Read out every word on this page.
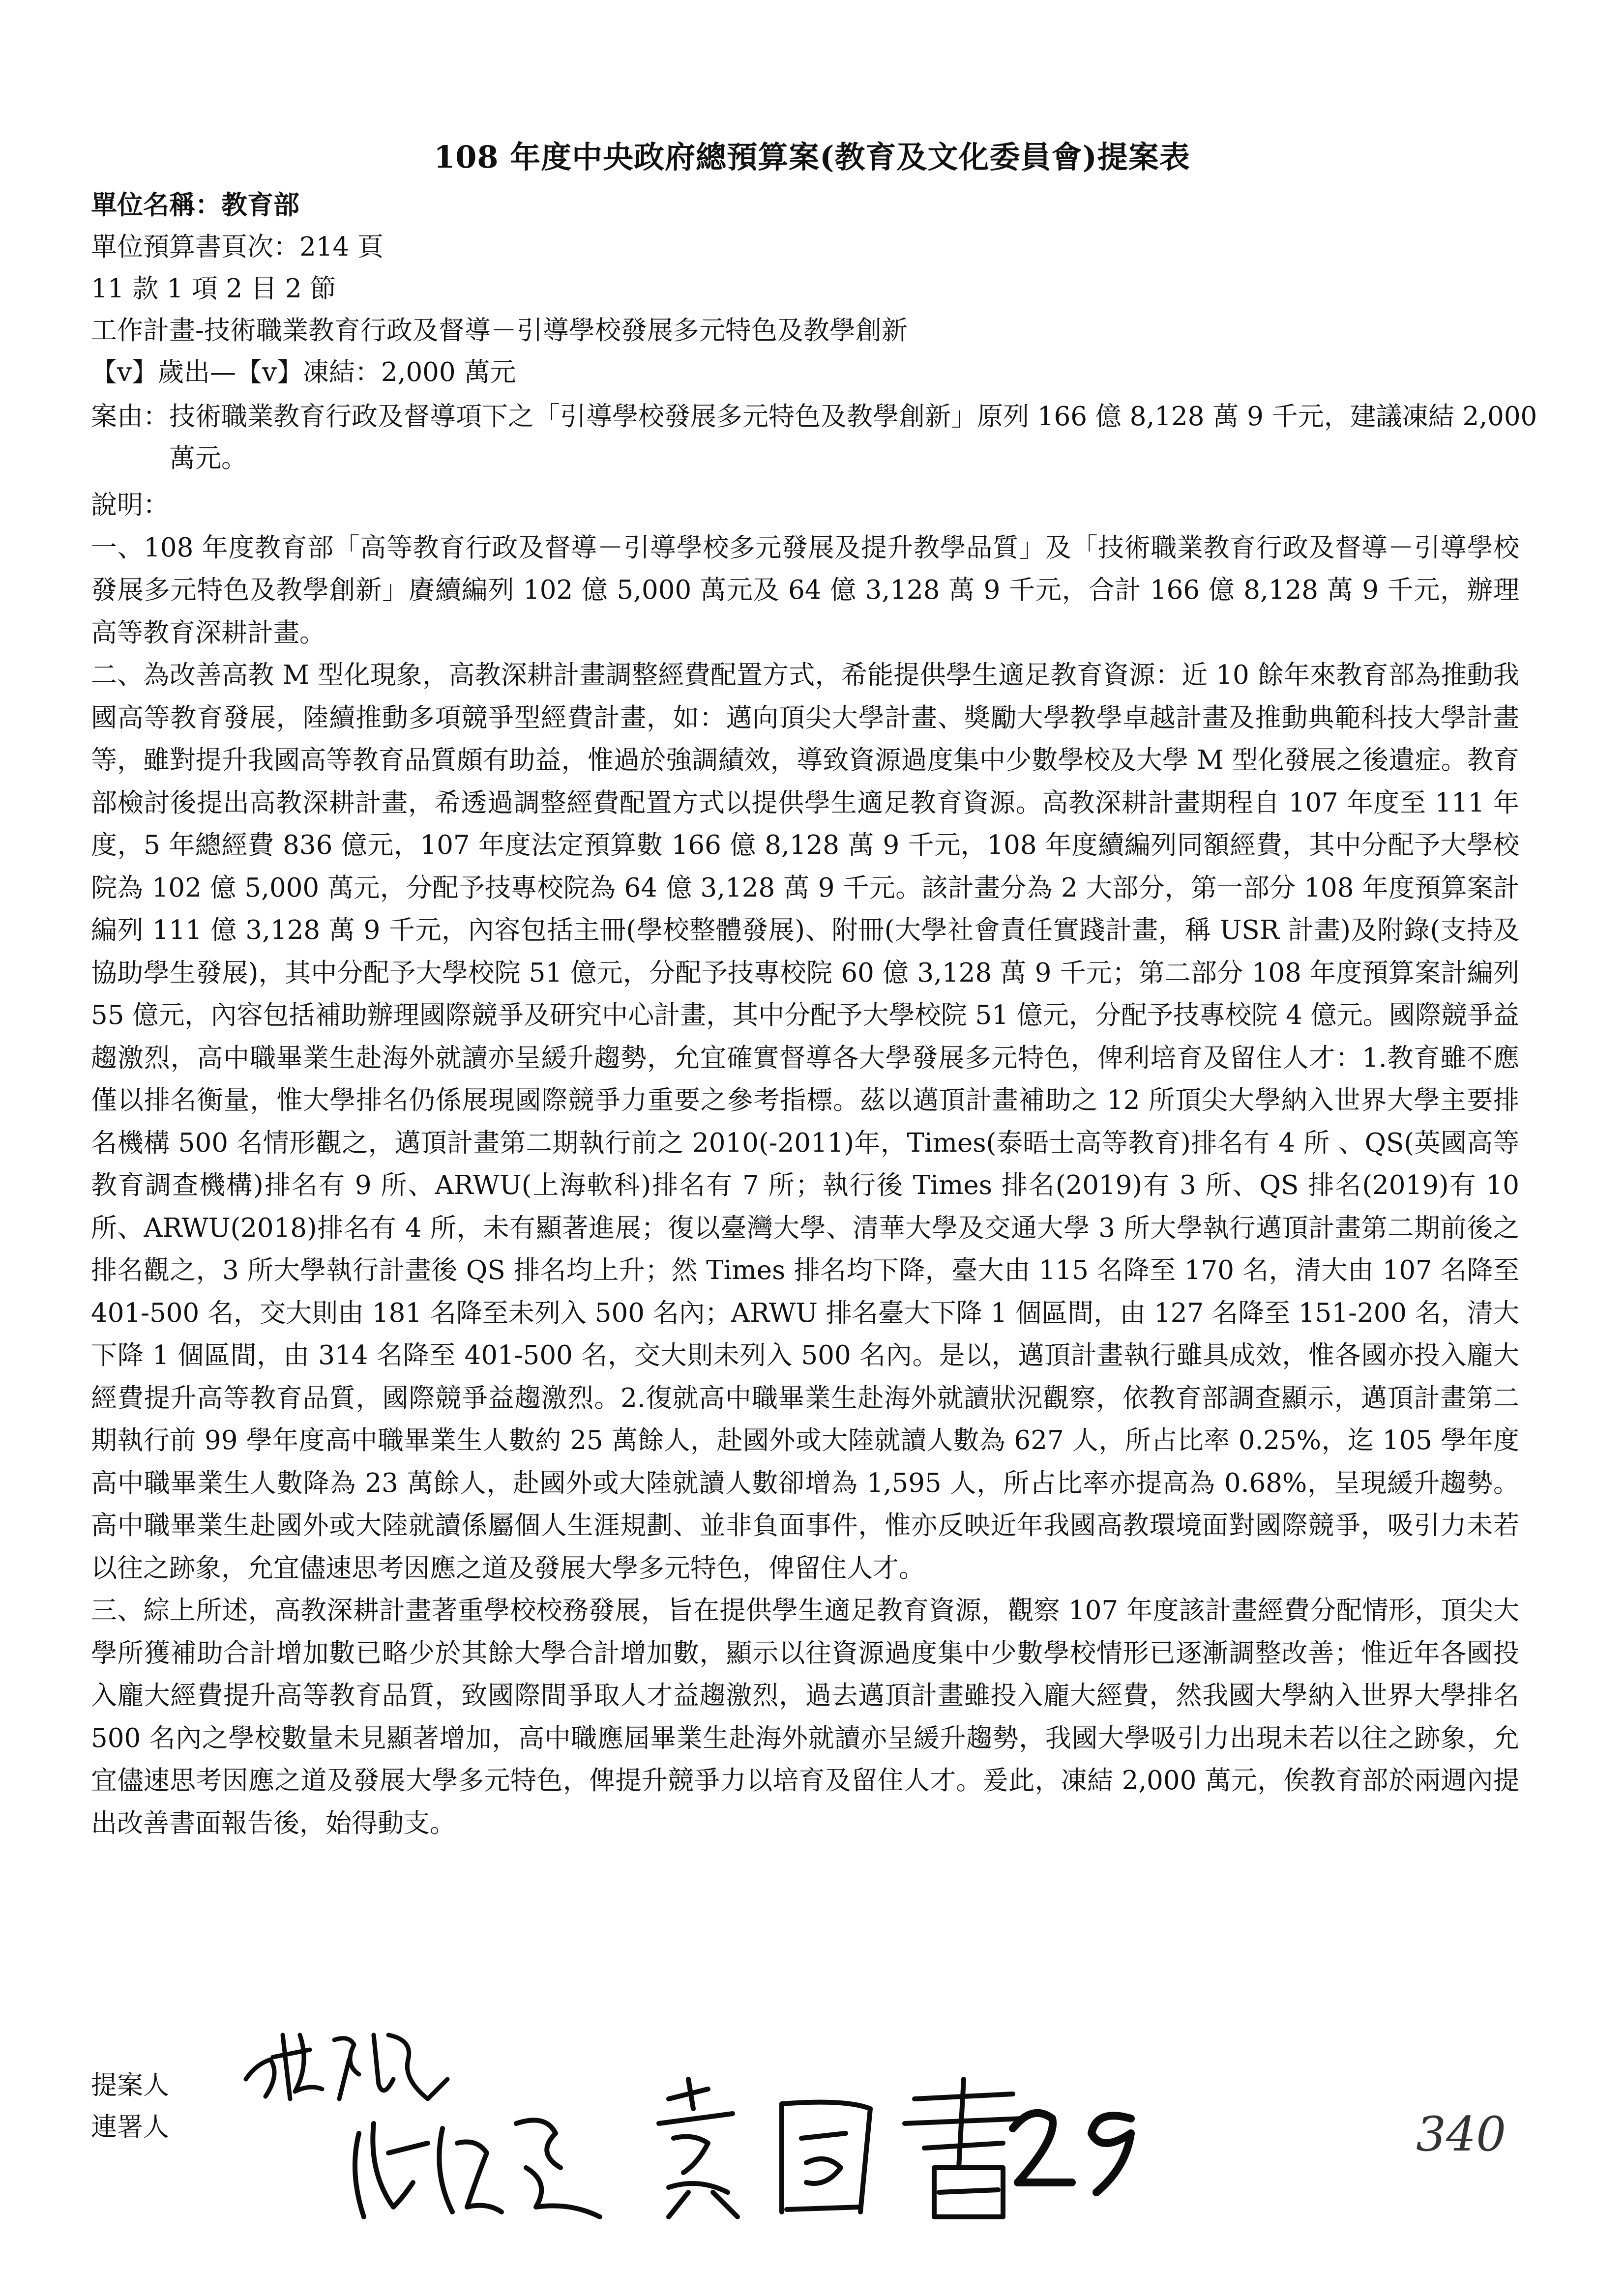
108 年度中央政府總預算案(教育及文化委員會)提案表
單位名稱：教育部
單位預算書頁次：214 頁
11 款 1 項 2 目 2 節
工作計畫-技術職業教育行政及督導－引導學校發展多元特色及教學創新
【v】歲出—【v】凍結：2,000 萬元
案由： 技術職業教育行政及督導項下之「引導學校發展多元特色及教學創新」原列 166 億 8,128 萬 9 千元，建議凍結 2,000 萬元。

說明：

一、108 年度教育部「高等教育行政及督導－引導學校多元發展及提升教學品質」及「技術職業教育行政及督導－引導學校發展多元特色及教學創新」賡續編列 102 億 5,000 萬元及 64 億 3,128 萬 9 千元，合計 166 億 8,128 萬 9 千元，辦理高等教育深耕計畫。

二、為改善高教 M 型化現象，高教深耕計畫調整經費配置方式，希能提供學生適足教育資源：近 10 餘年來教育部為推動我國高等教育發展，陸續推動多項競爭型經費計畫，如：邁向頂尖大學計畫、獎勵大學教學卓越計畫及推動典範科技大學計畫等，雖對提升我國高等教育品質頗有助益，惟過於強調績效，導致資源過度集中少數學校及大學 M 型化發展之後遺症。教育部檢討後提出高教深耕計畫，希透過調整經費配置方式以提供學生適足教育資源。高教深耕計畫期程自 107 年度至 111 年度，5 年總經費 836 億元，107 年度法定預算數 166 億 8,128 萬 9 千元，108 年度續編列同額經費，其中分配予大學校院為 102 億 5,000 萬元，分配予技專校院為 64 億 3,128 萬 9 千元。該計畫分為 2 大部分，第一部分 108 年度預算案計編列 111 億 3,128 萬 9 千元，內容包括主冊(學校整體發展)、附冊(大學社會責任實踐計畫，稱 USR 計畫)及附錄(支持及協助學生發展)，其中分配予大學校院 51 億元，分配予技專校院 60 億 3,128 萬 9 千元；第二部分 108 年度預算案計編列 55 億元，內容包括補助辦理國際競爭及研究中心計畫，其中分配予大學校院 51 億元，分配予技專校院 4 億元。國際競爭益趨激烈，高中職畢業生赴海外就讀亦呈緩升趨勢，允宜確實督導各大學發展多元特色，俾利培育及留住人才：1.教育雖不應僅以排名衡量，惟大學排名仍係展現國際競爭力重要之參考指標。茲以邁頂計畫補助之 12 所頂尖大學納入世界大學主要排名機構 500 名情形觀之，邁頂計畫第二期執行前之 2010(-2011)年，Times(泰晤士高等教育)排名有 4 所 、QS(英國高等教育調查機構)排名有 9 所、ARWU(上海軟科)排名有 7 所；執行後 Times 排名(2019)有 3 所、QS 排名(2019)有 10 所、ARWU(2018)排名有 4 所，未有顯著進展；復以臺灣大學、清華大學及交通大學 3 所大學執行邁頂計畫第二期前後之排名觀之，3 所大學執行計畫後 QS 排名均上升；然 Times 排名均下降，臺大由 115 名降至 170 名，清大由 107 名降至 401-500 名，交大則由 181 名降至未列入 500 名內；ARWU 排名臺大下降 1 個區間，由 127 名降至 151-200 名，清大下降 1 個區間，由 314 名降至 401-500 名，交大則未列入 500 名內。是以，邁頂計畫執行雖具成效，惟各國亦投入龐大經費提升高等教育品質，國際競爭益趨激烈。2.復就高中職畢業生赴海外就讀狀況觀察，依教育部調查顯示，邁頂計畫第二期執行前 99 學年度高中職畢業生人數約 25 萬餘人，赴國外或大陸就讀人數為 627 人，所占比率 0.25%，迄 105 學年度高中職畢業生人數降為 23 萬餘人，赴國外或大陸就讀人數卻增為 1,595 人，所占比率亦提高為 0.68%，呈現緩升趨勢。高中職畢業生赴國外或大陸就讀係屬個人生涯規劃、並非負面事件，惟亦反映近年我國高教環境面對國際競爭，吸引力未若以往之跡象，允宜儘速思考因應之道及發展大學多元特色，俾留住人才。

三、綜上所述，高教深耕計畫著重學校校務發展，旨在提供學生適足教育資源，觀察 107 年度該計畫經費分配情形，頂尖大學所獲補助合計增加數已略少於其餘大學合計增加數，顯示以往資源過度集中少數學校情形已逐漸調整改善；惟近年各國投入龐大經費提升高等教育品質，致國際間爭取人才益趨激烈，過去邁頂計畫雖投入龐大經費，然我國大學納入世界大學排名 500 名內之學校數量未見顯著增加，高中職應屆畢業生赴海外就讀亦呈緩升趨勢，我國大學吸引力出現未若以往之跡象，允宜儘速思考因應之道及發展大學多元特色，俾提升競爭力以培育及留住人才。爰此，凍結 2,000 萬元，俟教育部於兩週內提出改善書面報告後，始得動支。

提案人
連署人	340
